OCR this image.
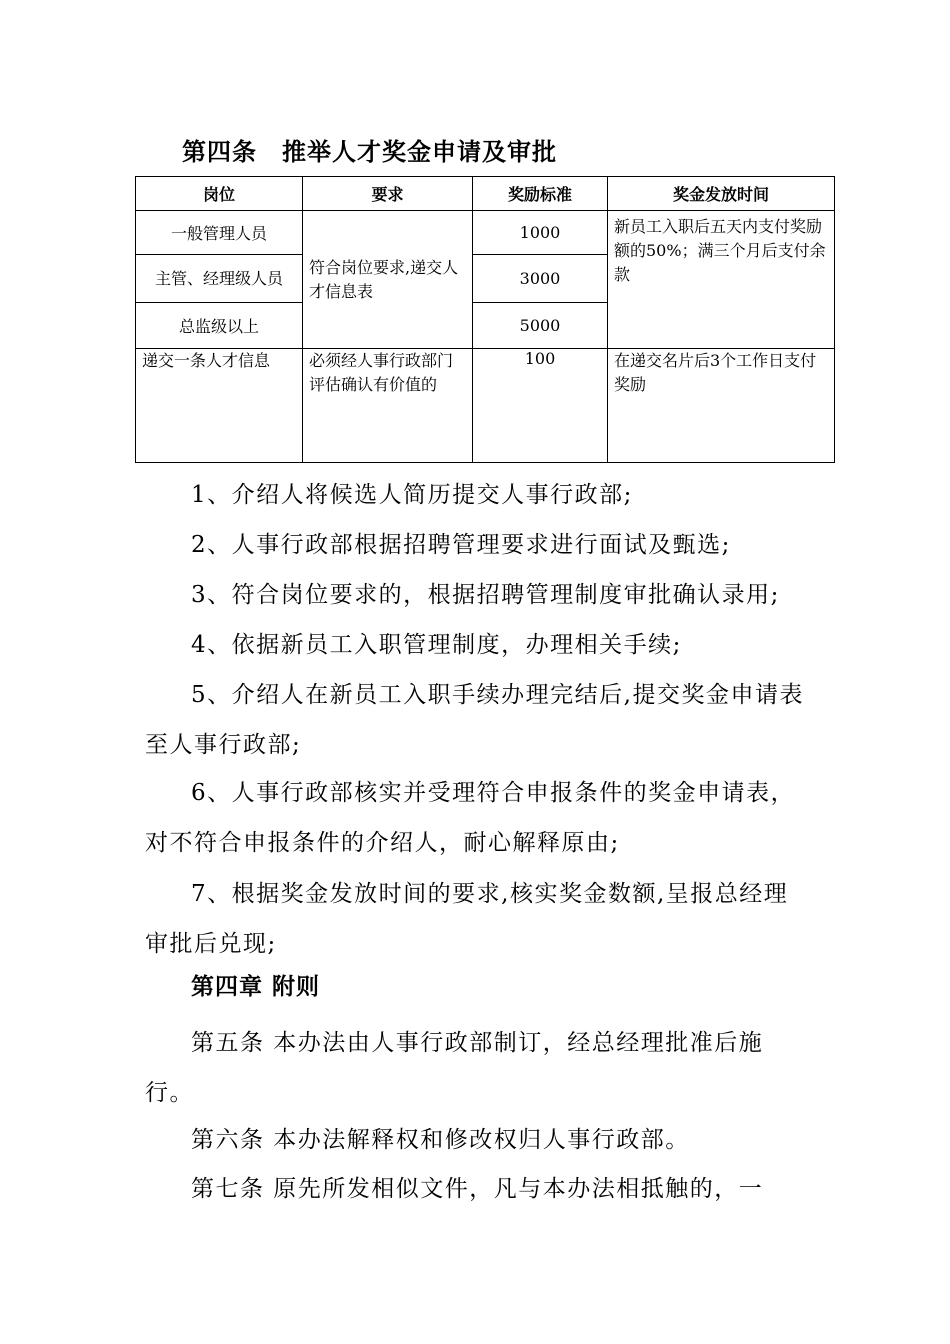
第四条　推举人才奖金申请及审批
岗位	要求	奖励标准	奖金发放时间
一般管理人员	符合岗位要求,递交人才信息表	1000	新员工入职后五天内支付奖励额的50%；满三个月后支付余款
主管、经理级人员		3000	
总监级以上		5000	
递交一条人才信息	必须经人事行政部门评估确认有价值的	100	在递交名片后3个工作日支付奖励
1、介绍人将候选人简历提交人事行政部;
2、人事行政部根据招聘管理要求进行面试及甄选;
3、符合岗位要求的，根据招聘管理制度审批确认录用;
4、依据新员工入职管理制度，办理相关手续;
5、介绍人在新员工入职手续办理完结后,提交奖金申请表至人事行政部;
6、人事行政部核实并受理符合申报条件的奖金申请表，对不符合申报条件的介绍人，耐心解释原由;
7、根据奖金发放时间的要求,核实奖金数额,呈报总经理审批后兑现;
第四章 附则
第五条 本办法由人事行政部制订，经总经理批准后施行。
第六条 本办法解释权和修改权归人事行政部。
第七条 原先所发相似文件，凡与本办法相抵触的，一
